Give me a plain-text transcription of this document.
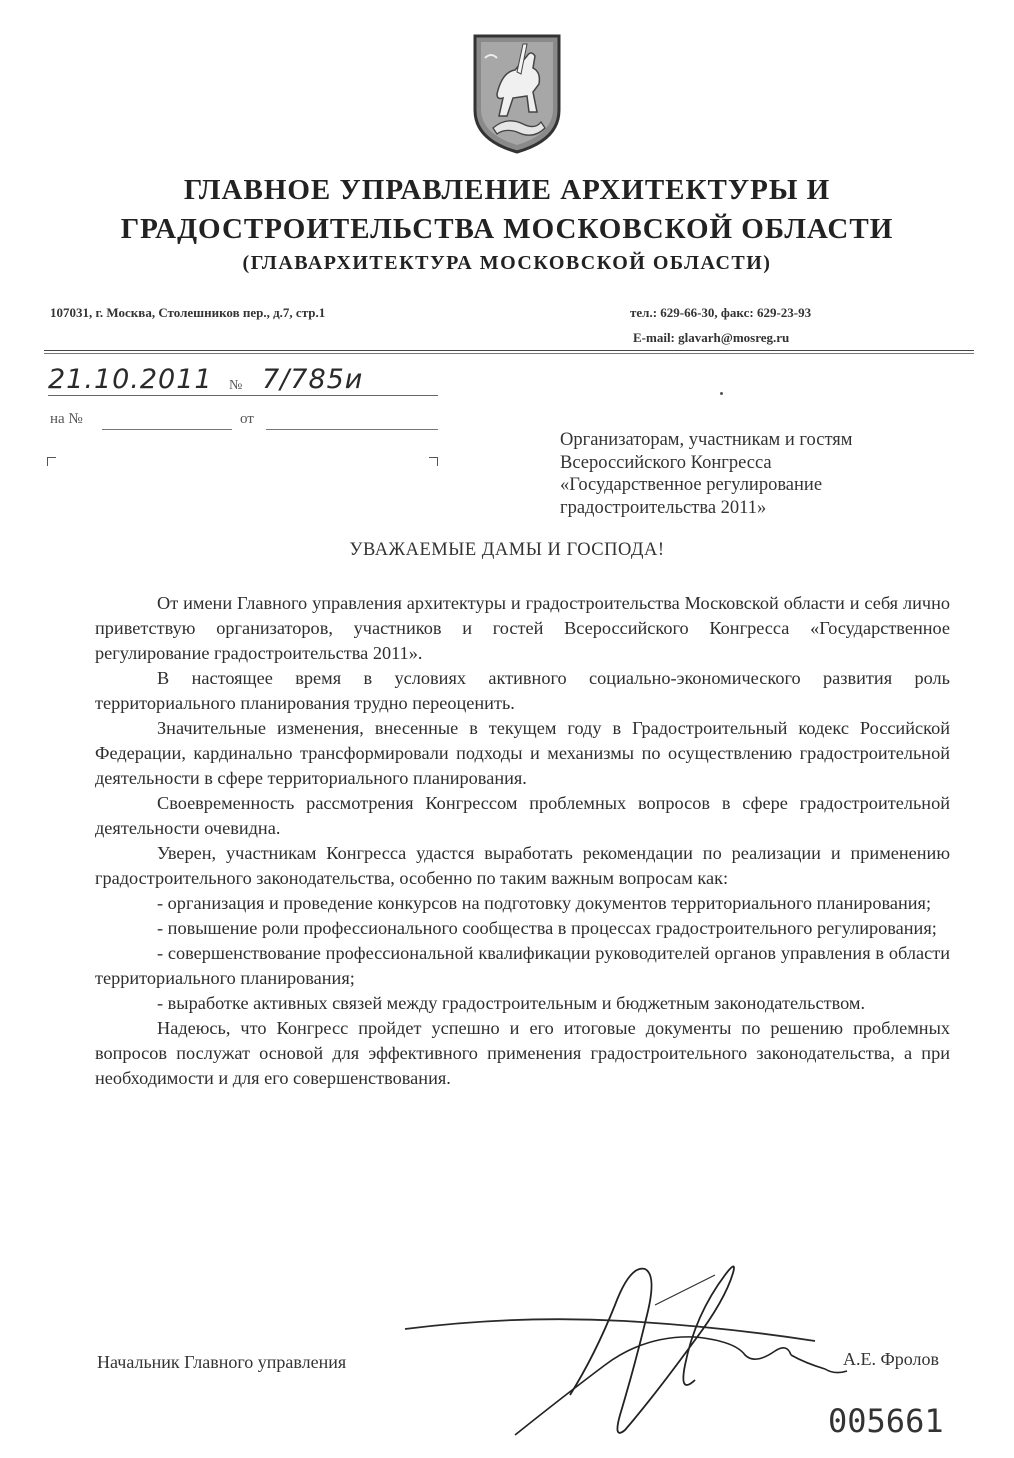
ГЛАВНОЕ УПРАВЛЕНИЕ АРХИТЕКТУРЫ И
ГРАДОСТРОИТЕЛЬСТВА МОСКОВСКОЙ ОБЛАСТИ
(ГЛАВАРХИТЕКТУРА МОСКОВСКОЙ ОБЛАСТИ)
107031, г. Москва, Столешников пер., д.7, стр.1	тел.: 629-66-30, факс: 629-23-93
E-mail: glavarh@mosreg.ru
21.10.2011 № 7/785и
на №	от
Организаторам, участникам и гостям
Всероссийского Конгресса
«Государственное регулирование
градостроительства 2011»
УВАЖАЕМЫЕ ДАМЫ И ГОСПОДА!

От имени Главного управления архитектуры и градостроительства Московской области и себя лично приветствую организаторов, участников и гостей Всероссийского Конгресса «Государственное регулирование градостроительства 2011».

В настоящее время в условиях активного социально-экономического развития роль территориального планирования трудно переоценить.

Значительные изменения, внесенные в текущем году в Градостроительный кодекс Российской Федерации, кардинально трансформировали подходы и механизмы по осуществлению градостроительной деятельности в сфере территориального планирования.

Своевременность рассмотрения Конгрессом проблемных вопросов в сфере градостроительной деятельности очевидна.

Уверен, участникам Конгресса удастся выработать рекомендации по реализации и применению градостроительного законодательства, особенно по таким важным вопросам как:

- организация и проведение конкурсов на подготовку документов территориального планирования;

- повышение роли профессионального сообщества в процессах градостроительного регулирования;

- совершенствование профессиональной квалификации руководителей органов управления в области территориального планирования;

- выработке активных связей между градостроительным и бюджетным законодательством.

Надеюсь, что Конгресс пройдет успешно и его итоговые документы по решению проблемных вопросов послужат основой для эффективного применения градостроительного законодательства, а при необходимости и для его совершенствования.

Начальник Главного управления	А.Е. Фролов
005661
